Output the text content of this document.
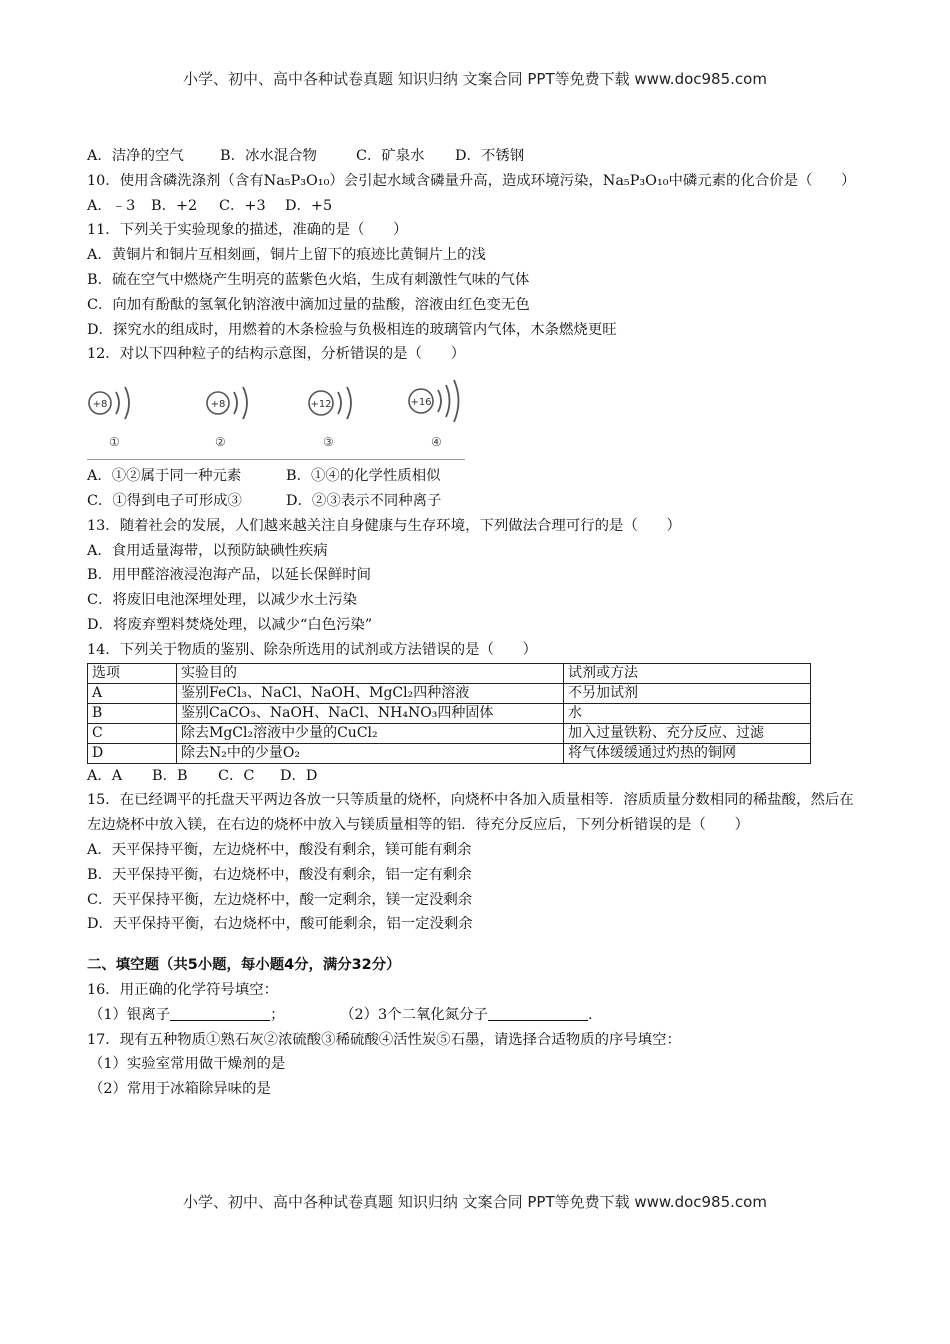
小学、初中、高中各种试卷真题 知识归纳 文案合同 PPT等免费下载 www.doc985.com
A．洁净的空气	B．冰水混合物	C．矿泉水 D．不锈钢
10．使用含磷洗涤剂（含有Na₅P₃O₁₀）会引起水域含磷量升高，造成环境污染，Na₅P₃O₁₀中磷元素的化合价是（　　）
A．﹣3 B．+2 C．+3 D．+5
11．下列关于实验现象的描述，准确的是（　　）
A．黄铜片和铜片互相刻画，铜片上留下的痕迹比黄铜片上的浅
B．硫在空气中燃烧产生明亮的蓝紫色火焰，生成有刺激性气味的气体
C．向加有酚酞的氢氧化钠溶液中滴加过量的盐酸，溶液由红色变无色
D．探究水的组成时，用燃着的木条检验与负极相连的玻璃管内气体，木条燃烧更旺
12．对以下四种粒子的结构示意图，分析错误的是（　　）
+8
①
+8
②
+12
③
+16
④
A．①②属于同一种元素	B．①④的化学性质相似
C．①得到电子可形成③	D．②③表示不同种离子
13．随着社会的发展，人们越来越关注自身健康与生存环境，下列做法合理可行的是（　　）
A．食用适量海带，以预防缺碘性疾病
B．用甲醛溶液浸泡海产品，以延长保鲜时间
C．将废旧电池深埋处理，以减少水土污染
D．将废弃塑料焚烧处理，以减少“白色污染”
14．下列关于物质的鉴别、除杂所选用的试剂或方法错误的是（　　）
选项	实验目的	试剂或方法
A	鉴别FeCl₃、NaCl、NaOH、MgCl₂四种溶液	不另加试剂
B	鉴别CaCO₃、NaOH、NaCl、NH₄NO₃四种固体	水
C	除去MgCl₂溶液中少量的CuCl₂	加入过量铁粉、充分反应、过滤
D	除去N₂中的少量O₂	将气体缓缓通过灼热的铜网
A．A B．B C．C D．D
15．在已经调平的托盘天平两边各放一只等质量的烧杯，向烧杯中各加入质量相等．溶质质量分数相同的稀盐酸，然后在左边烧杯中放入镁，在右边的烧杯中放入与镁质量相等的铝．待充分反应后，下列分析错误的是（　　）
A．天平保持平衡，左边烧杯中，酸没有剩余，镁可能有剩余
B．天平保持平衡，右边烧杯中，酸没有剩余，铝一定有剩余
C．天平保持平衡，左边烧杯中，酸一定剩余，镁一定没剩余
D．天平保持平衡，右边烧杯中，酸可能剩余，铝一定没剩余
二、填空题（共5小题，每小题4分，满分32分）
16．用正确的化学符号填空：
（1）银离子	；	（2）3个二氧化氮分子	.
17．现有五种物质①熟石灰②浓硫酸③稀硫酸④活性炭⑤石墨，请选择合适物质的序号填空：
（1）实验室常用做干燥剂的是
（2）常用于冰箱除异味的是
小学、初中、高中各种试卷真题 知识归纳 文案合同 PPT等免费下载 www.doc985.com
